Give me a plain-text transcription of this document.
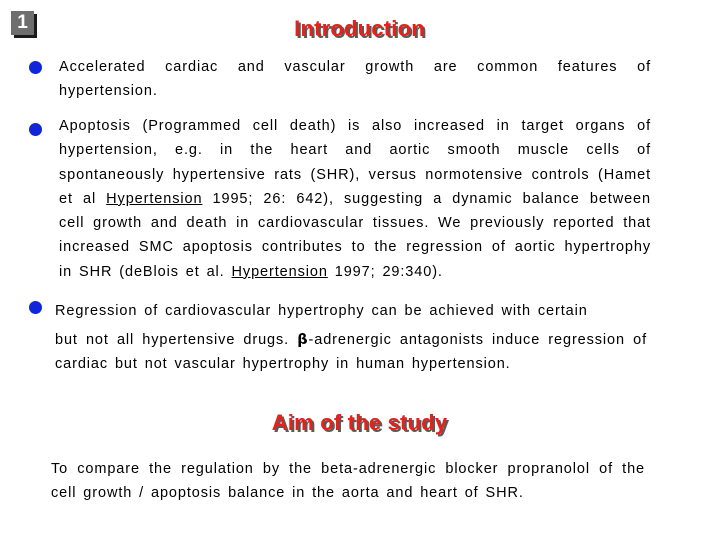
1	Introduction
Accelerated cardiac and vascular growth are common features of hypertension.
Apoptosis (Programmed cell death) is also increased in target organs of hypertension, e.g. in the heart and aortic smooth muscle cells of spontaneously hypertensive rats (SHR), versus normotensive controls (Hamet et al Hypertension 1995; 26: 642), suggesting a dynamic balance between cell growth and death in cardiovascular tissues. We previously reported that increased SMC apoptosis contributes to the regression of aortic hypertrophy in SHR (deBlois et al. Hypertension 1997; 29:340).
Regression of cardiovascular hypertrophy can be achieved with certain
but not all hypertensive drugs. β-adrenergic antagonists induce regression of cardiac but not vascular hypertrophy in human hypertension.
Aim of the study
To compare the regulation by the beta-adrenergic blocker propranolol of the cell growth / apoptosis balance in the aorta and heart of SHR.
